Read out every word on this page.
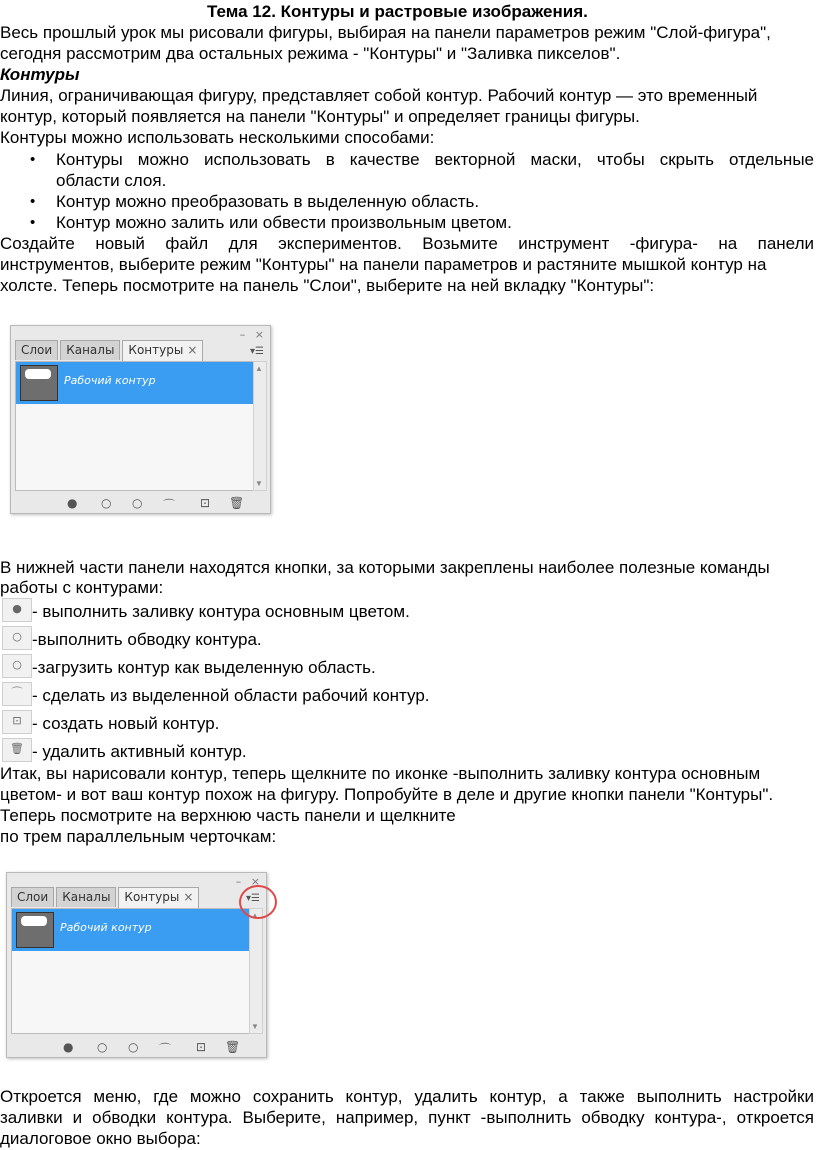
Тема 12. Контуры и растровые изображения.
Весь прошлый урок мы рисовали фигуры, выбирая на панели параметров режим "Слой-фигура",
сегодня рассмотрим два остальных режима - "Контуры" и "Заливка пикселов".
Контуры
Линия, ограничивающая фигуру, представляет собой контур. Рабочий контур — это временный
контур, который появляется на панели "Контуры" и определяет границы фигуры.
Контуры можно использовать несколькими способами:
• Контуры можно использовать в качестве векторной маски, чтобы скрыть отдельные
области слоя.
• Контур можно преобразовать в выделенную область.
• Контур можно залить или обвести произвольным цветом.
Создайте новый файл для экспериментов. Возьмите инструмент -фигура- на панели
инструментов, выберите режим "Контуры" на панели параметров и растяните мышкой контур на
холсте. Теперь посмотрите на панель "Слои", выберите на ней вкладку "Контуры":
– ×
Слои	Каналы	Контуры ×	▾☰
Рабочий контур
▲
▼
● ○ ○ ⌒ ⊡ 🗑
В нижней части панели находятся кнопки, за которыми закреплены наиболее полезные команды
работы с контурами:
● - выполнить заливку контура основным цветом.
○ -выполнить обводку контура.
○ -загрузить контур как выделенную область.
⌒ - сделать из выделенной области рабочий контур.
⊡ - создать новый контур.
🗑 - удалить активный контур.
Итак, вы нарисовали контур, теперь щелкните по иконке -выполнить заливку контура основным
цветом- и вот ваш контур похож на фигуру. Попробуйте в деле и другие кнопки панели "Контуры".
Теперь посмотрите на верхнюю часть панели и щелкните
по трем параллельным черточкам:
– ×
Слои	Каналы	Контуры ×	▾☰
Рабочий контур
▲
▼
● ○ ○ ⌒ ⊡ 🗑
Откроется меню, где можно сохранить контур, удалить контур, а также выполнить настройки
заливки и обводки контура. Выберите, например, пункт -выполнить обводку контура-, откроется
диалоговое окно выбора:
